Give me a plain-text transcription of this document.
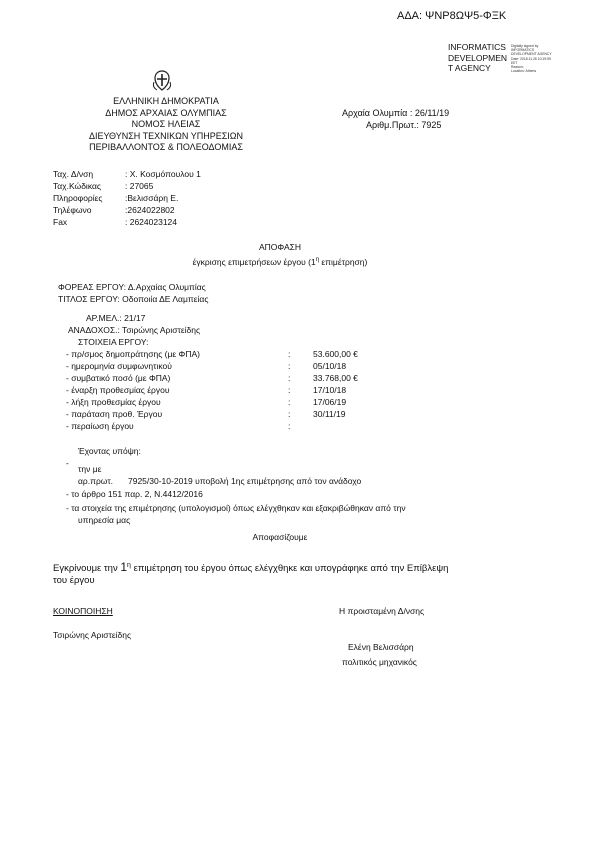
ΑΔΑ: ΨΝΡ8ΩΨ5-ΦΞΚ
INFORMATICS
DEVELOPMEN
T AGENCY
Digitally signed by
INFORMATICS
DEVELOPMENT AGENCY
Date: 2018.11.26 10:19:59
EET
Reason:
Location: Athens
ΕΛΛΗΝΙΚΗ ΔΗΜΟΚΡΑΤΙΑ
ΔΗΜΟΣ ΑΡΧΑΙΑΣ ΟΛΥΜΠΙΑΣ
ΝΟΜΟΣ ΗΛΕΙΑΣ
ΔΙΕΥΘΥΝΣΗ ΤΕΧΝΙΚΩΝ ΥΠΗΡΕΣΙΩΝ
ΠΕΡΙΒΑΛΛΟΝΤΟΣ & ΠΟΛΕΟΔΟΜΙΑΣ
Αρχαία Ολυμπία : 26/11/19
Αριθμ.Πρωτ.: 7925
Ταχ. Δ/νση	: Χ. Κοσμόπουλου 1
Ταχ.Κώδικας	: 27065
Πληροφορίες	:Βελισσάρη Ε.
Τηλέφωνο	:2624022802
Fax	: 2624023124
ΑΠΟΦΑΣΗ
έγκρισης επιμετρήσεων έργου ($1^\eta$ επιμέτρηση)
ΦΟΡΕΑΣ ΕΡΓΟΥ: Δ.Αρχαίας Ολυμπίας
ΤΙΤΛΟΣ ΕΡΓΟΥ: Οδοποιία ΔΕ Λαμπείας
ΑΡ.ΜΕΛ.: 21/17
ΑΝΑΔΟΧΟΣ.: Τσιρώνης Αριστείδης
ΣΤΟΙΧΕΙΑ ΕΡΓΟΥ:
- πρ/σμος δημοπράτησης (με ΦΠΑ)	:	53.600,00 €
- ημερομηνία συμφωνητικού	:	05/10/18
- συμβατικό ποσό (με ΦΠΑ)	:	33.768,00 €
- έναρξη προθεσμίας έργου	:	17/10/18
- λήξη προθεσμίας έργου	:	17/06/19
- παράταση προθ. Έργου	:	30/11/19
- περαίωση έργου	:
Έχοντας υπόψη:
-
την με
αρ.πρωτ. 7925/30-10-2019 υποβολή 1ης επιμέτρησης από τον ανάδοχο
- το άρθρο 151 παρ. 2, Ν.4412/2016
- τα στοιχεία της επιμέτρησης (υπολογισμοί) όπως ελέγχθηκαν και εξακριβώθηκαν από την
υπηρεσία μας
Αποφασίζουμε
Εγκρίνουμε την $1^\eta$ επιμέτρηση του έργου όπως ελέγχθηκε και υπογράφηκε από την Επίβλεψη
του έργου
ΚΟΙΝΟΠΟΙΗΣΗ	Η προισταμένη Δ/νσης
Τσιρώνης Αριστείδης
Ελένη Βελισσάρη
πολιτικός μηχανικός
